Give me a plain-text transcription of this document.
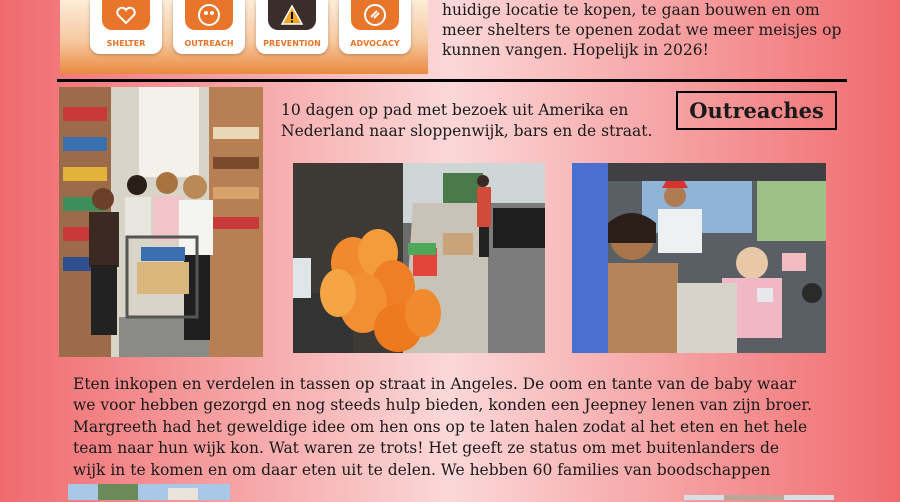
SHELTER	OUTREACH	PREVENTION	ADVOCACY

huidige locatie te kopen, te gaan bouwen en om meer shelters te openen zodat we meer meisjes op kunnen vangen. Hopelijk in 2026!

10 dagen op pad met bezoek uit Amerika en Nederland naar sloppenwijk, bars en de straat.

Outreaches

Eten inkopen en verdelen in tassen op straat in Angeles. De oom en tante van de baby waar we voor hebben gezorgd en nog steeds hulp bieden, konden een Jeepney lenen van zijn broer. Margreeth had het geweldige idee om hen ons op te laten halen zodat al het eten en het hele team naar hun wijk kon. Wat waren ze trots! Het geeft ze status om met buitenlanders de wijk in te komen en om daar eten uit te delen. We hebben 60 families van boodschappen
